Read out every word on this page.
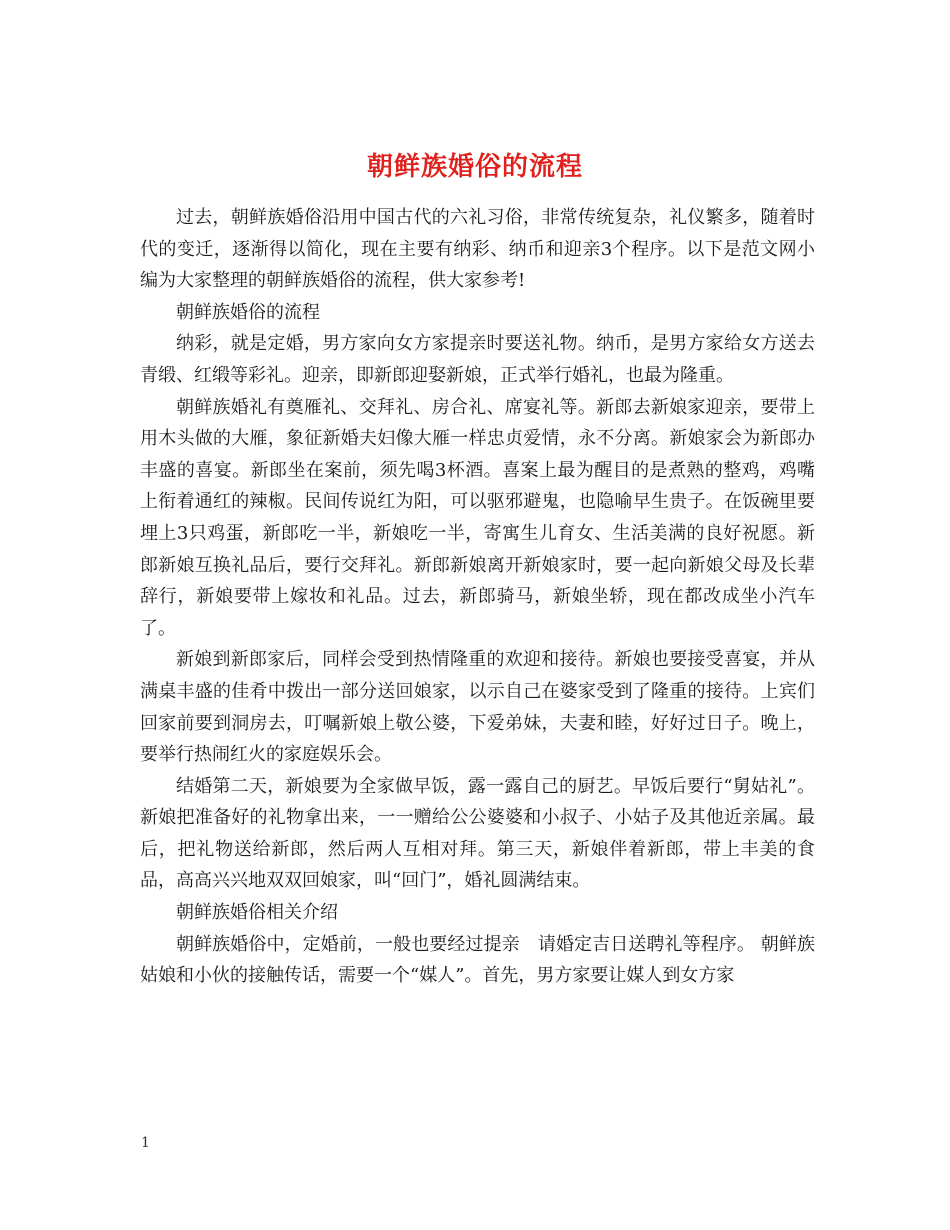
朝鲜族婚俗的流程

过去，朝鲜族婚俗沿用中国古代的六礼习俗，非常传统复杂，礼仪繁多，随着时代的变迁，逐渐得以简化，现在主要有纳彩、纳币和迎亲3个程序。以下是范文网小编为大家整理的朝鲜族婚俗的流程，供大家参考!

朝鲜族婚俗的流程

纳彩，就是定婚，男方家向女方家提亲时要送礼物。纳币，是男方家给女方送去青缎、红缎等彩礼。迎亲，即新郎迎娶新娘，正式举行婚礼，也最为隆重。

朝鲜族婚礼有奠雁礼、交拜礼、房合礼、席宴礼等。新郎去新娘家迎亲，要带上用木头做的大雁，象征新婚夫妇像大雁一样忠贞爱情，永不分离。新娘家会为新郎办丰盛的喜宴。新郎坐在案前，须先喝3杯酒。喜案上最为醒目的是煮熟的整鸡，鸡嘴上衔着通红的辣椒。民间传说红为阳，可以驱邪避鬼，也隐喻早生贵子。在饭碗里要埋上3只鸡蛋，新郎吃一半，新娘吃一半，寄寓生儿育女、生活美满的良好祝愿。新郎新娘互换礼品后，要行交拜礼。新郎新娘离开新娘家时，要一起向新娘父母及长辈辞行，新娘要带上嫁妆和礼品。过去，新郎骑马，新娘坐轿，现在都改成坐小汽车了。

新娘到新郎家后，同样会受到热情隆重的欢迎和接待。新娘也要接受喜宴，并从满桌丰盛的佳肴中拨出一部分送回娘家，以示自己在婆家受到了隆重的接待。上宾们回家前要到洞房去，叮嘱新娘上敬公婆，下爱弟妹，夫妻和睦，好好过日子。晚上，要举行热闹红火的家庭娱乐会。

结婚第二天，新娘要为全家做早饭，露一露自己的厨艺。早饭后要行“舅姑礼”。新娘把准备好的礼物拿出来，一一赠给公公婆婆和小叔子、小姑子及其他近亲属。最后，把礼物送给新郎，然后两人互相对拜。第三天，新娘伴着新郎，带上丰美的食品，高高兴兴地双双回娘家，叫“回门”，婚礼圆满结束。

朝鲜族婚俗相关介绍

朝鲜族婚俗中，定婚前，一般也要经过提亲　请婚定吉日送聘礼等程序。 朝鲜族姑娘和小伙的接触传话，需要一个“媒人”。首先，男方家要让媒人到女方家

1
